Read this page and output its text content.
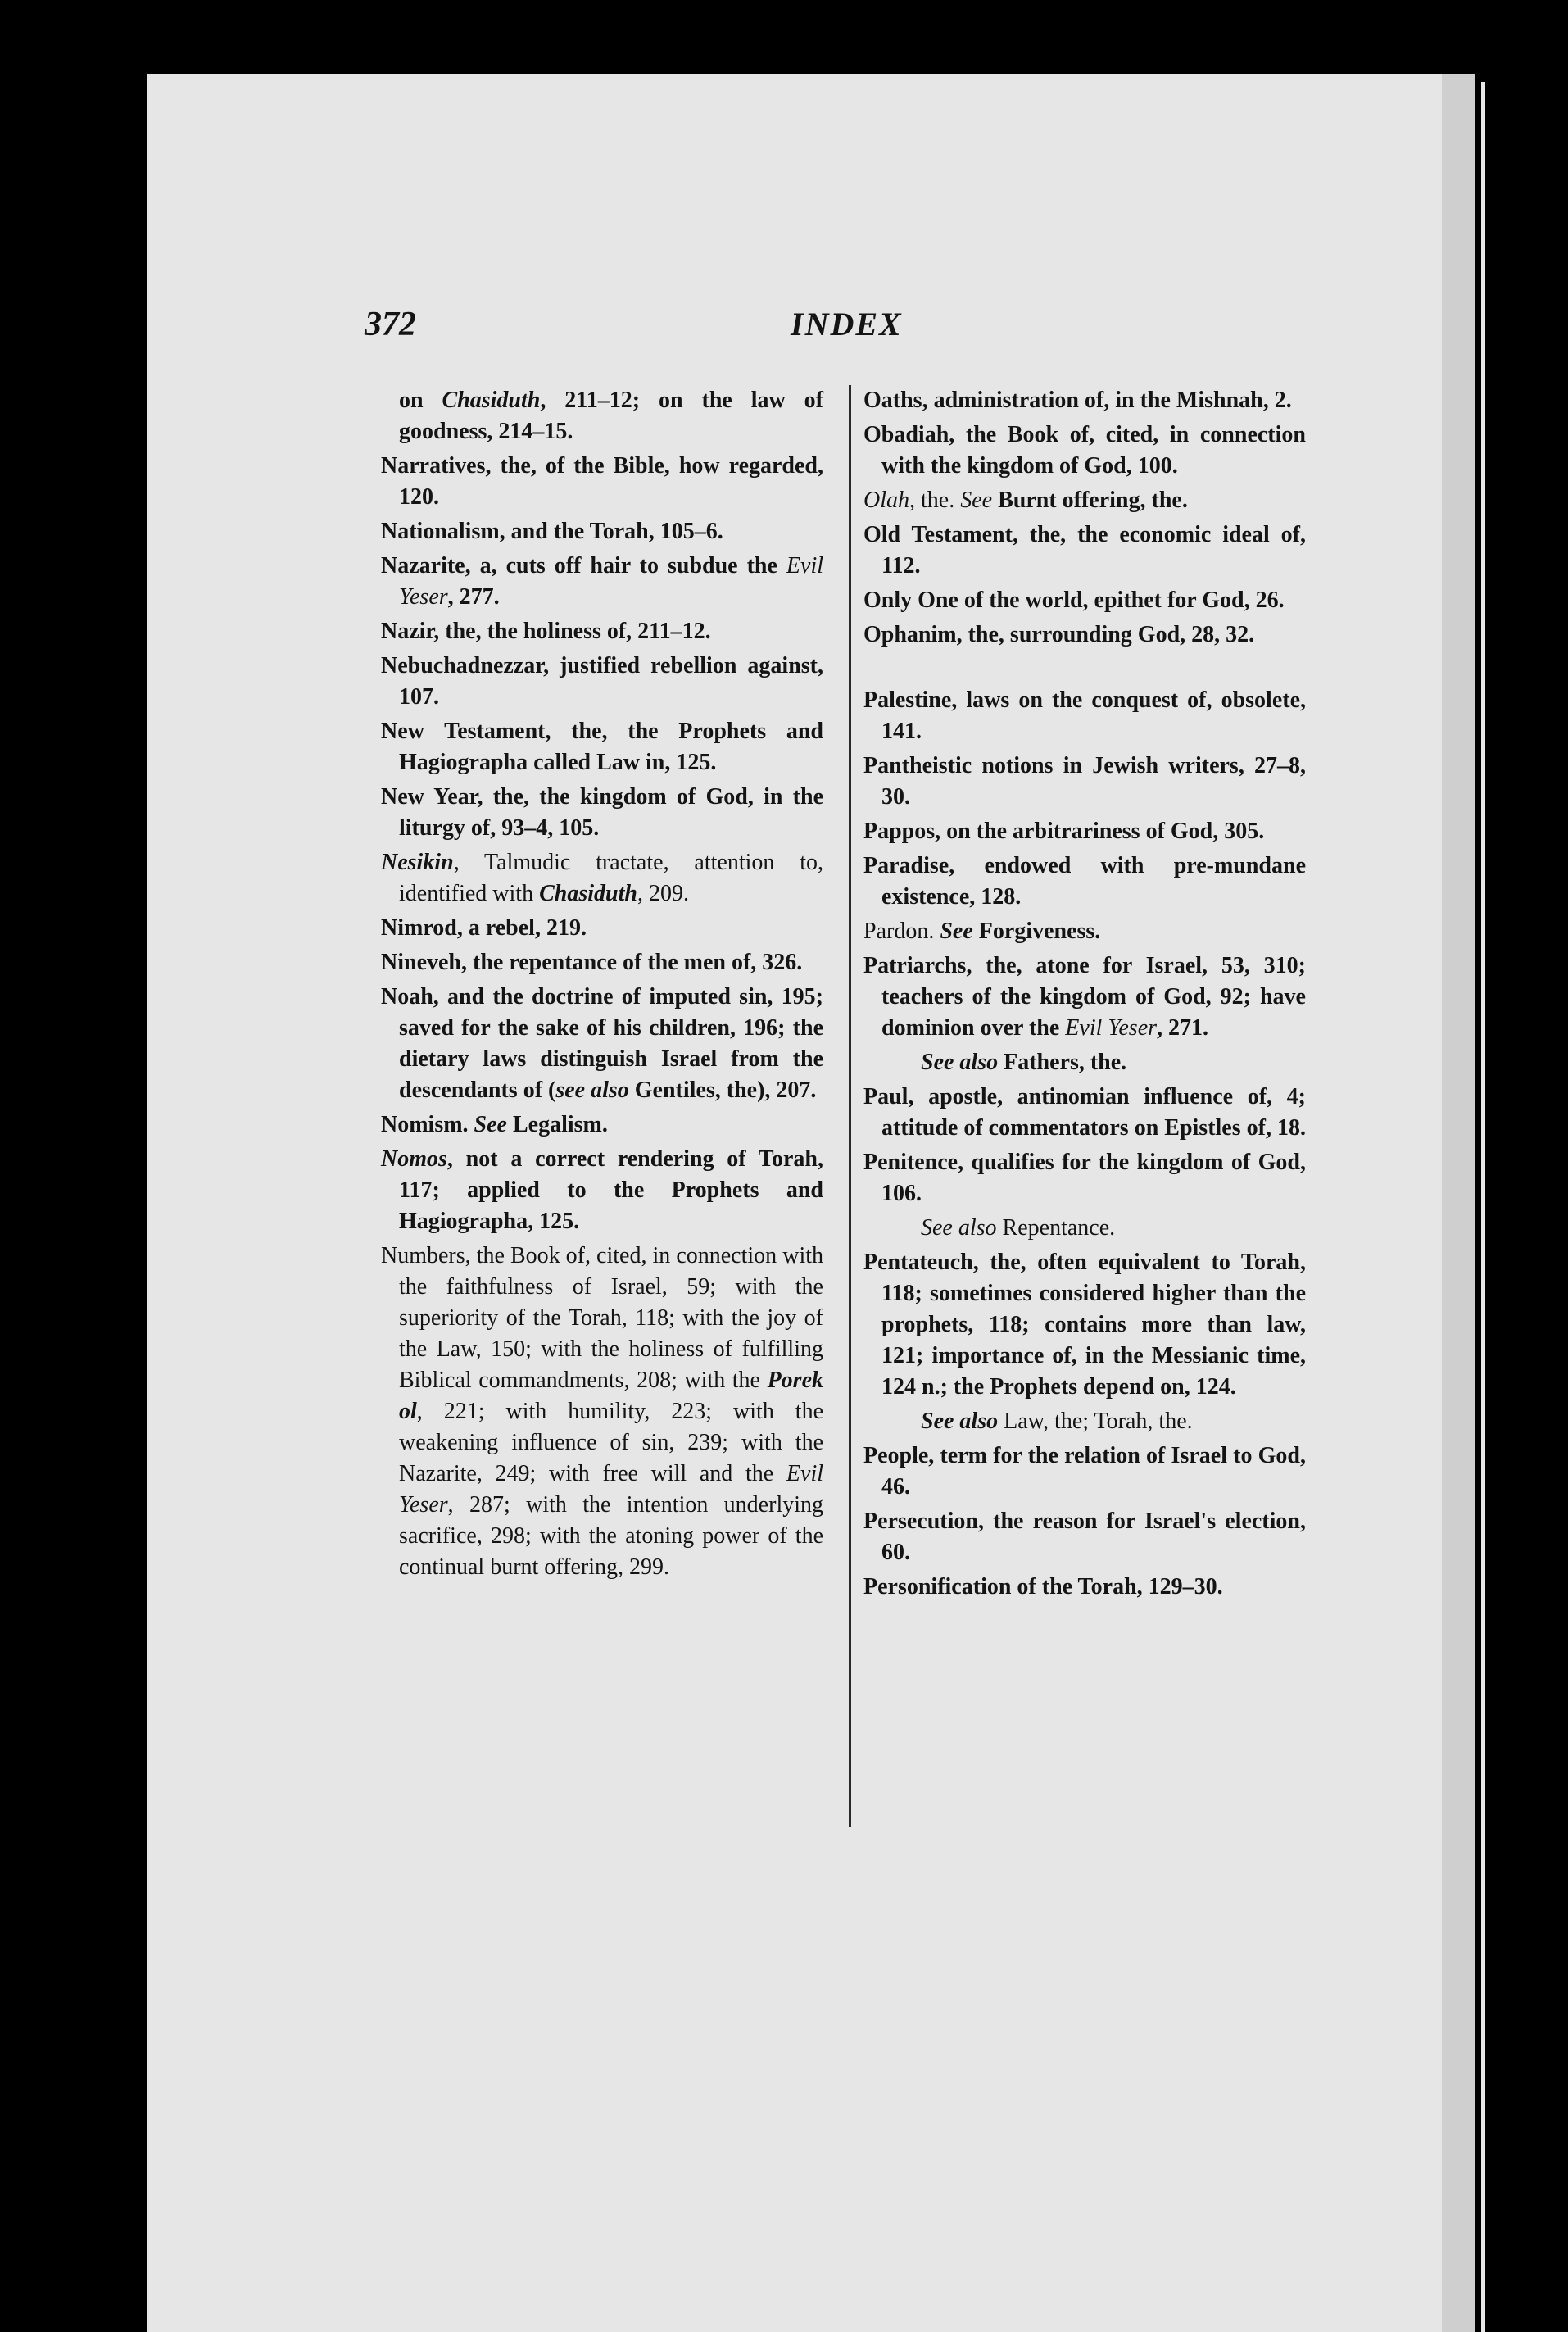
372	INDEX

on Chasiduth, 211–12; on the law of goodness, 214–15.

Narratives, the, of the Bible, how regarded, 120.

Nationalism, and the Torah, 105–6.

Nazarite, a, cuts off hair to subdue the Evil Yeser, 277.

Nazir, the, the holiness of, 211–12.

Nebuchadnezzar, justified rebellion against, 107.

New Testament, the, the Prophets and Hagiographa called Law in, 125.

New Year, the, the kingdom of God, in the liturgy of, 93–4, 105.

Nesikin, Talmudic tractate, attention to, identified with Chasiduth, 209.

Nimrod, a rebel, 219.

Nineveh, the repentance of the men of, 326.

Noah, and the doctrine of imputed sin, 195; saved for the sake of his children, 196; the dietary laws distinguish Israel from the descendants of (see also Gentiles, the), 207.

Nomism. See Legalism.

Nomos, not a correct rendering of Torah, 117; applied to the Prophets and Hagiographa, 125.

Numbers, the Book of, cited, in connection with the faithfulness of Israel, 59; with the superiority of the Torah, 118; with the joy of the Law, 150; with the holiness of fulfilling Biblical commandments, 208; with the Porek ol, 221; with humility, 223; with the weakening influence of sin, 239; with the Nazarite, 249; with free will and the Evil Yeser, 287; with the intention underlying sacrifice, 298; with the atoning power of the continual burnt offering, 299.

Oaths, administration of, in the Mishnah, 2.

Obadiah, the Book of, cited, in connection with the kingdom of God, 100.

Olah, the. See Burnt offering, the.

Old Testament, the, the economic ideal of, 112.

Only One of the world, epithet for God, 26.

Ophanim, the, surrounding God, 28, 32.

Palestine, laws on the conquest of, obsolete, 141.

Pantheistic notions in Jewish writers, 27–8, 30.

Pappos, on the arbitrariness of God, 305.

Paradise, endowed with pre-mundane existence, 128.

Pardon. See Forgiveness.

Patriarchs, the, atone for Israel, 53, 310; teachers of the kingdom of God, 92; have dominion over the Evil Yeser, 271.

See also Fathers, the.

Paul, apostle, antinomian influence of, 4; attitude of commentators on Epistles of, 18.

Penitence, qualifies for the kingdom of God, 106.

See also Repentance.

Pentateuch, the, often equivalent to Torah, 118; sometimes considered higher than the prophets, 118; contains more than law, 121; importance of, in the Messianic time, 124 n.; the Prophets depend on, 124.

See also Law, the; Torah, the.

People, term for the relation of Israel to God, 46.

Persecution, the reason for Israel's election, 60.

Personification of the Torah, 129–30.
